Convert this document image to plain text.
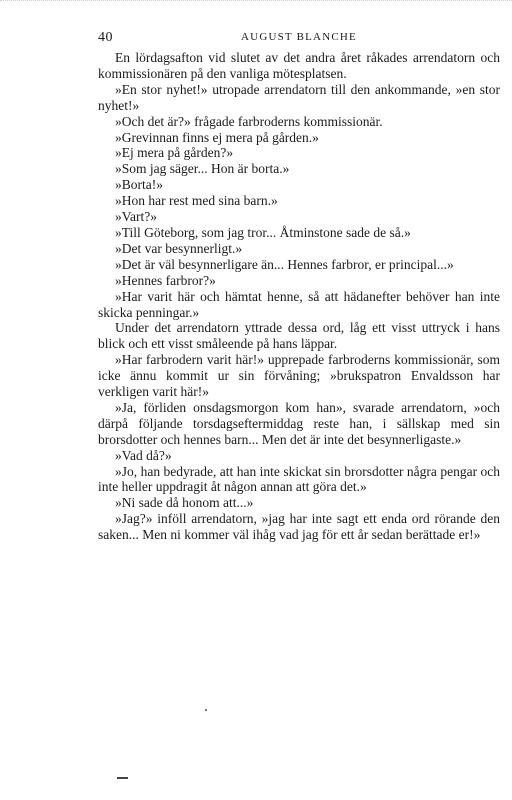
40	AUGUST BLANCHE

En lördagsafton vid slutet av det andra året råkades arrendatorn och kommissionären på den vanliga mötesplatsen.

»En stor nyhet!» utropade arrendatorn till den ankommande, »en stor nyhet!»

»Och det är?» frågade farbroderns kommissionär.

»Grevinnan finns ej mera på gården.»

»Ej mera på gården?»

»Som jag säger... Hon är borta.»

»Borta!»

»Hon har rest med sina barn.»

»Vart?»

»Till Göteborg, som jag tror... Åtminstone sade de så.»

»Det var besynnerligt.»

»Det är väl besynnerligare än... Hennes farbror, er principal...»

»Hennes farbror?»

»Har varit här och hämtat henne, så att hädanefter behöver han inte skicka penningar.»

Under det arrendatorn yttrade dessa ord, låg ett visst uttryck i hans blick och ett visst småleende på hans läppar.

»Har farbrodern varit här!» upprepade farbroderns kommissionär, som icke ännu kommit ur sin förvåning; »brukspatron Envaldsson har verkligen varit här!»

»Ja, förliden onsdagsmorgon kom han», svarade arrendatorn, »och därpå följande torsdagseftermiddag reste han, i sällskap med sin brorsdotter och hennes barn... Men det är inte det besynnerligaste.»

»Vad då?»

»Jo, han bedyrade, att han inte skickat sin brorsdotter några pengar och inte heller uppdragit åt någon annan att göra det.»

»Ni sade då honom att...»

»Jag?» inföll arrendatorn, »jag har inte sagt ett enda ord rörande den saken... Men ni kommer väl ihåg vad jag för ett år sedan berättade er!»
